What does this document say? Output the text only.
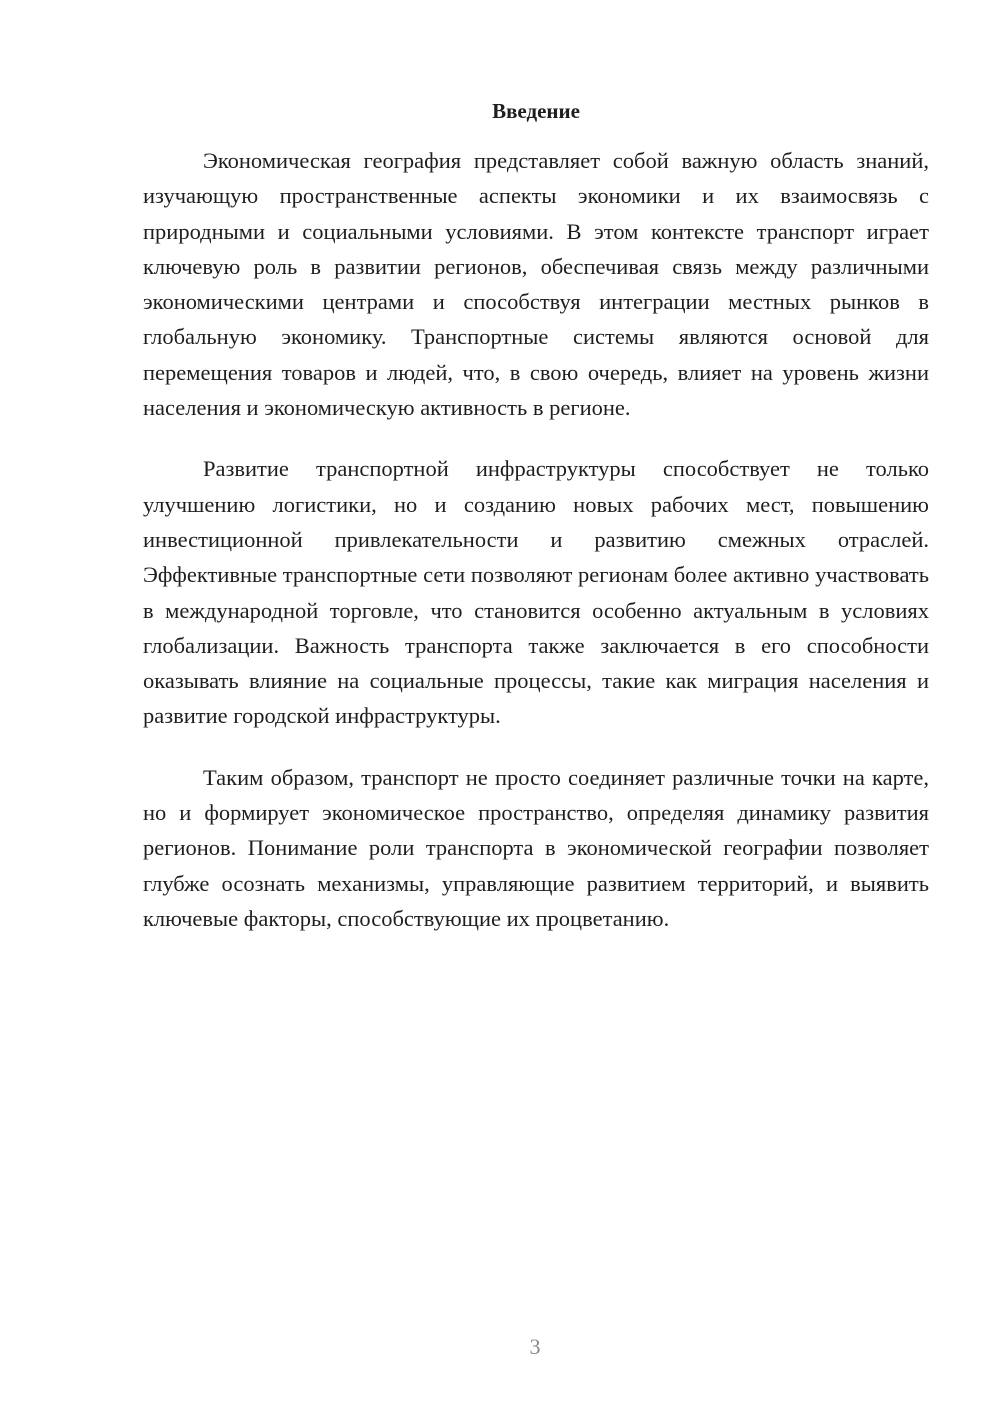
Введение

Экономическая география представляет собой важную область знаний, изучающую пространственные аспекты экономики и их взаимосвязь с природными и социальными условиями. В этом контексте транспорт играет ключевую роль в развитии регионов, обеспечивая связь между различными экономическими центрами и способствуя интеграции местных рынков в глобальную экономику. Транспортные системы являются основой для перемещения товаров и людей, что, в свою очередь, влияет на уровень жизни населения и экономическую активность в регионе.

Развитие транспортной инфраструктуры способствует не только улучшению логистики, но и созданию новых рабочих мест, повышению инвестиционной привлекательности и развитию смежных отраслей. Эффективные транспортные сети позволяют регионам более активно участвовать в международной торговле, что становится особенно актуальным в условиях глобализации. Важность транспорта также заключается в его способности оказывать влияние на социальные процессы, такие как миграция населения и развитие городской инфраструктуры.

Таким образом, транспорт не просто соединяет различные точки на карте, но и формирует экономическое пространство, определяя динамику развития регионов. Понимание роли транспорта в экономической географии позволяет глубже осознать механизмы, управляющие развитием территорий, и выявить ключевые факторы, способствующие их процветанию.

3
